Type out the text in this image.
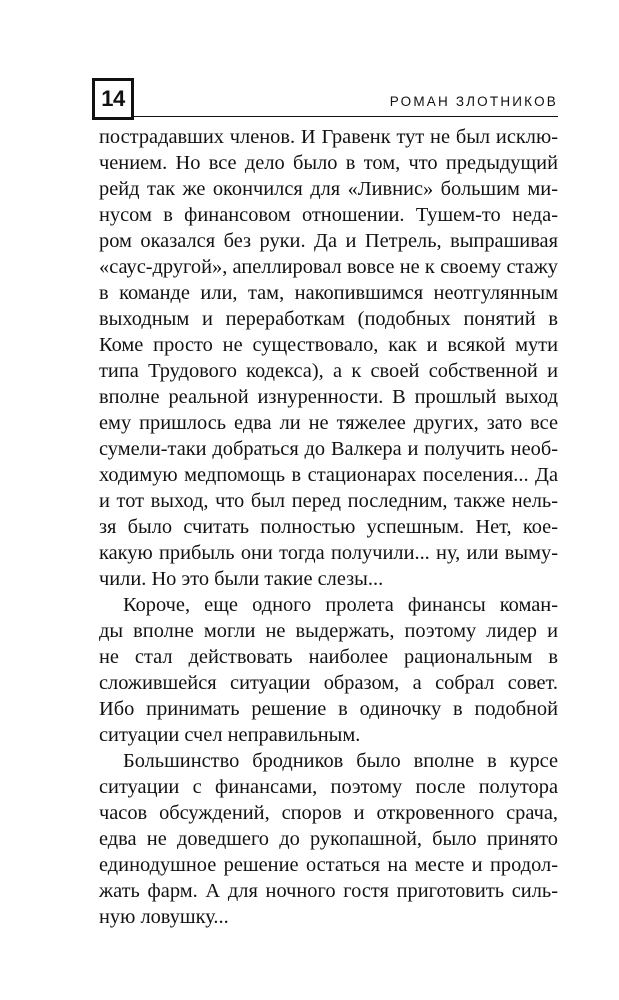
14	РОМАН ЗЛОТНИКОВ
пострадавших членов. И Гравенк тут не был исклю-
чением. Но все дело было в том, что предыдущий
рейд так же окончился для «Ливнис» большим ми-
нусом в финансовом отношении. Тушем-то неда-
ром оказался без руки. Да и Петрель, выпрашивая
«саус-другой», апеллировал вовсе не к своему стажу
в команде или, там, накопившимся неотгулянным
выходным и переработкам (подобных понятий в
Коме просто не существовало, как и всякой мути
типа Трудового кодекса), а к своей собственной и
вполне реальной изнуренности. В прошлый выход
ему пришлось едва ли не тяжелее других, зато все
сумели-таки добраться до Валкера и получить необ-
ходимую медпомощь в стационарах поселения... Да
и тот выход, что был перед последним, также нель-
зя было считать полностью успешным. Нет, кое-
какую прибыль они тогда получили... ну, или выму-
чили. Но это были такие слезы...
Короче, еще одного пролета финансы коман-
ды вполне могли не выдержать, поэтому лидер и
не стал действовать наиболее рациональным в
сложившейся ситуации образом, а собрал совет.
Ибо принимать решение в одиночку в подобной
ситуации счел неправильным.
Большинство бродников было вполне в курсе
ситуации с финансами, поэтому после полутора
часов обсуждений, споров и откровенного срача,
едва не доведшего до рукопашной, было принято
единодушное решение остаться на месте и продол-
жать фарм. А для ночного гостя приготовить силь-
ную ловушку...
